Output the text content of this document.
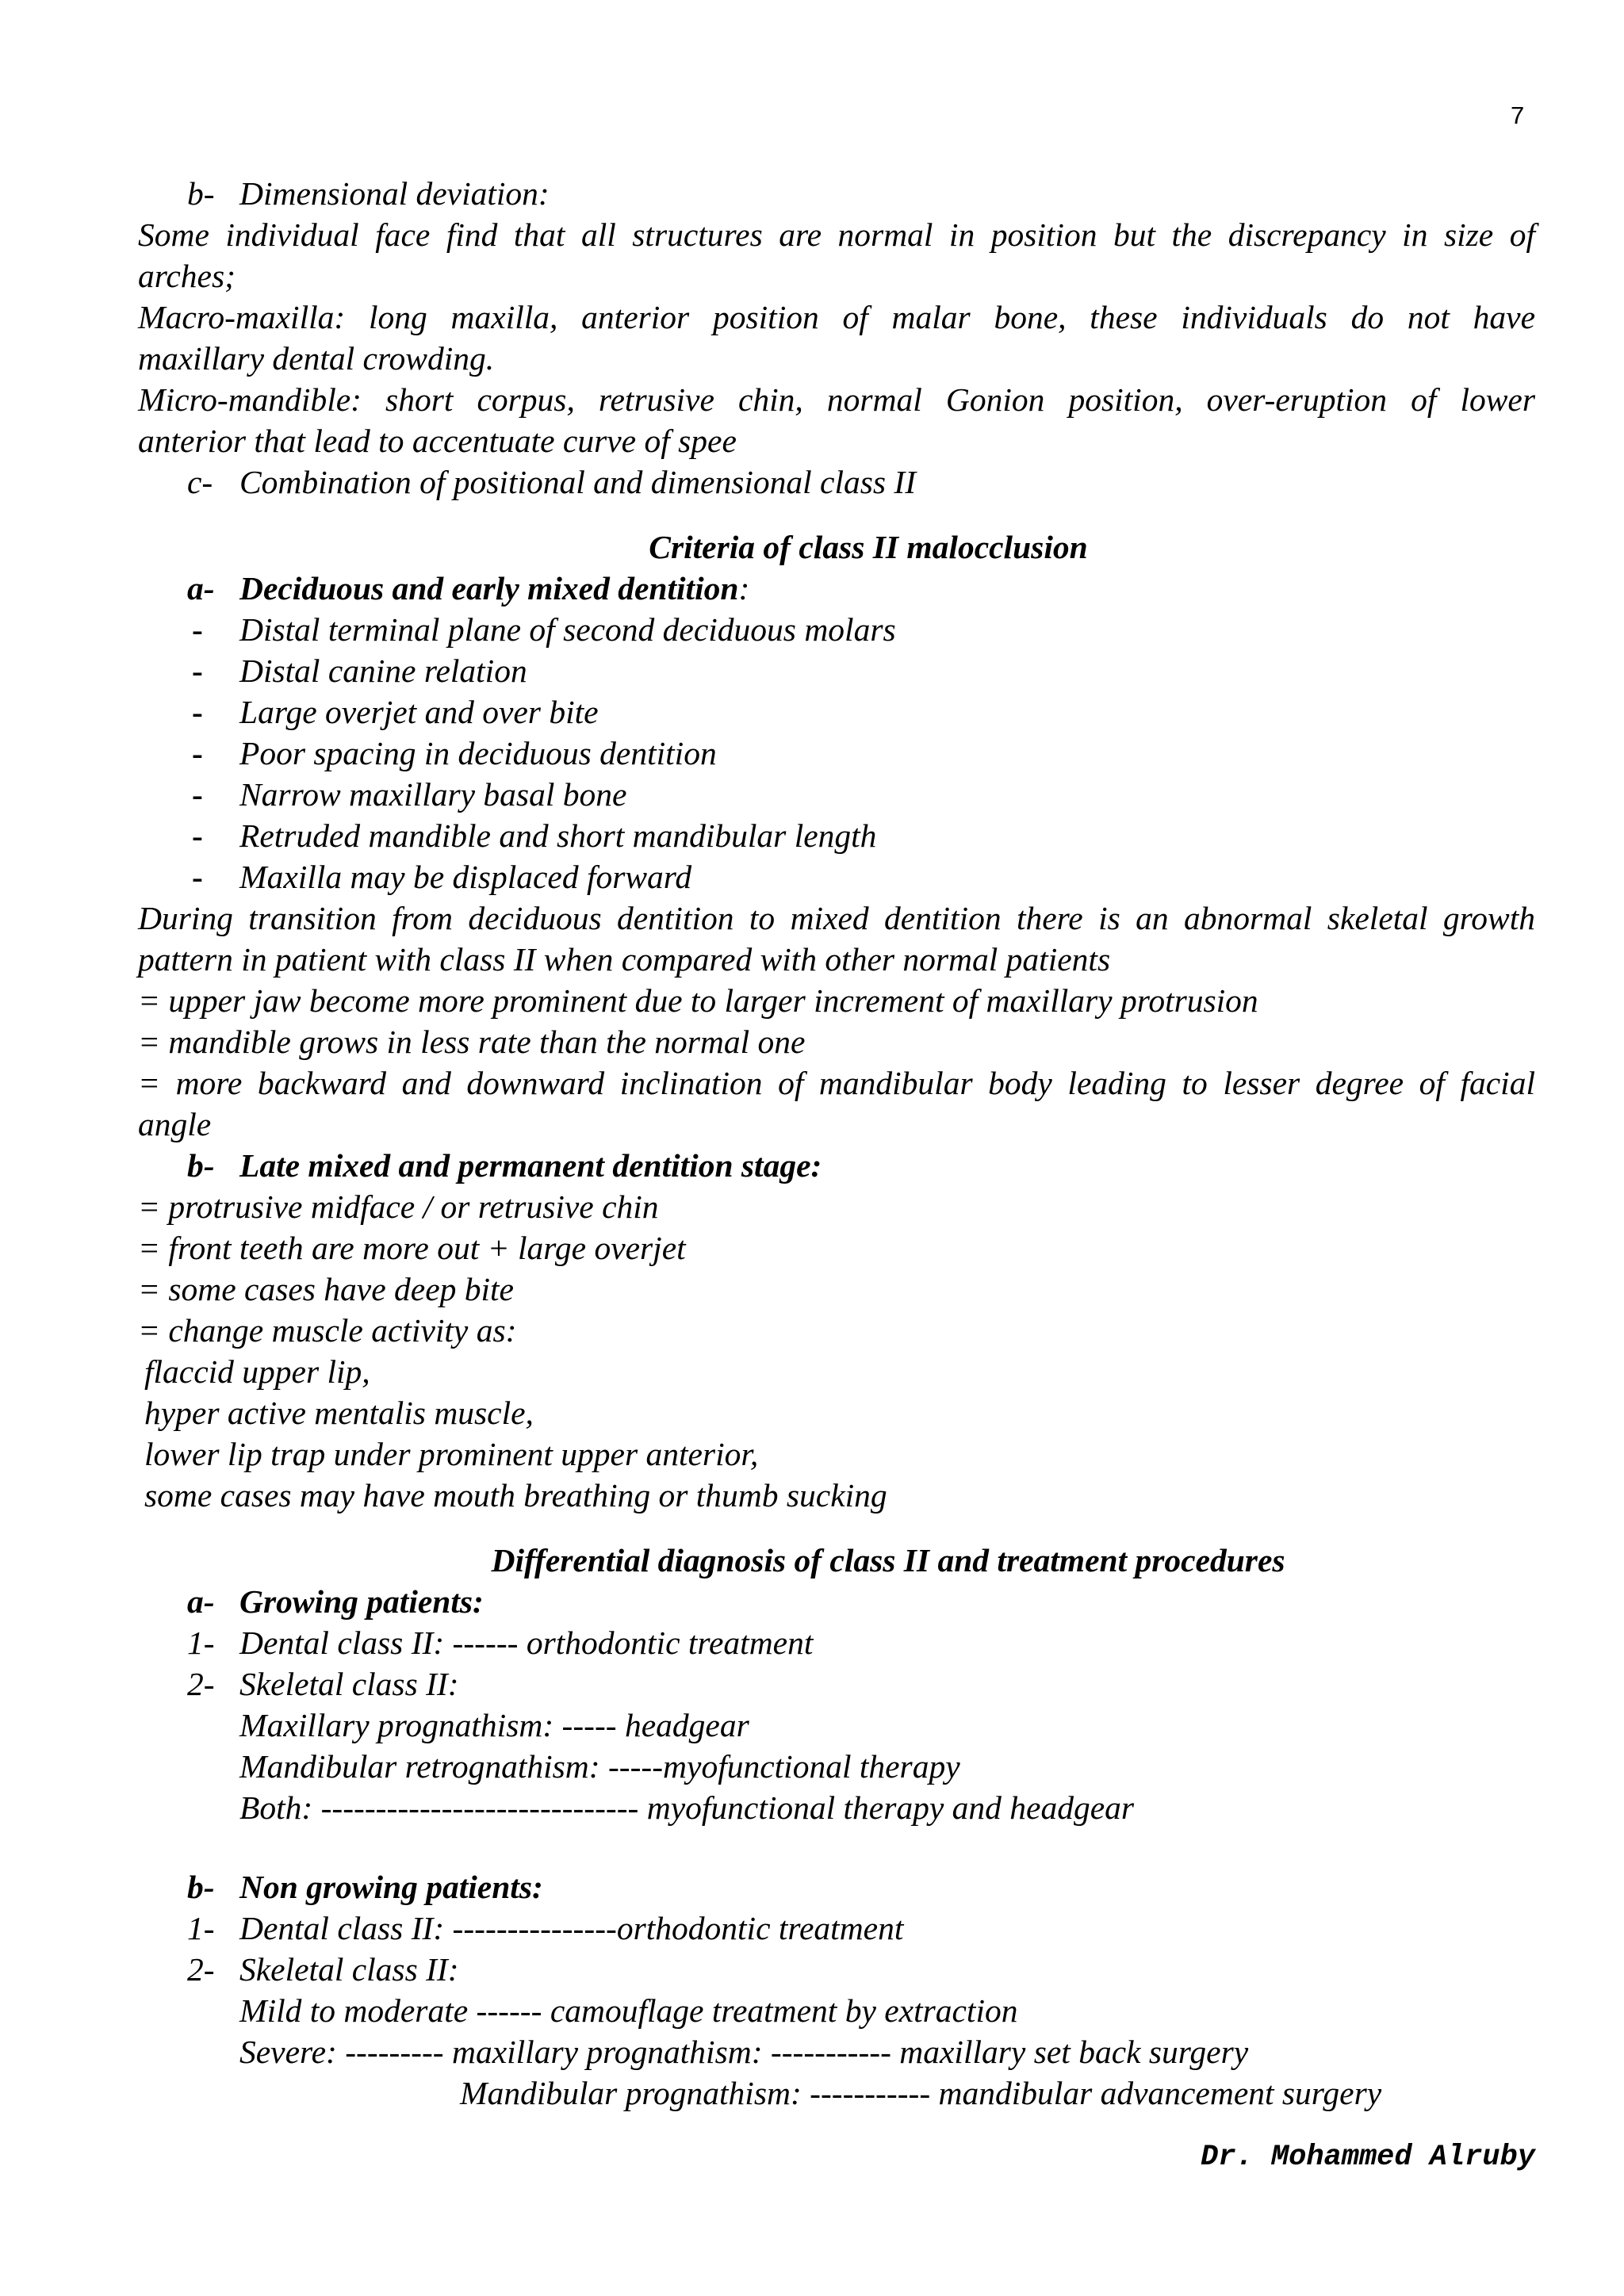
7
b- Dimensional deviation:
Some individual face find that all structures are normal in position but the discrepancy in size of
arches;
Macro-maxilla: long maxilla, anterior position of malar bone, these individuals do not have
maxillary dental crowding.
Micro-mandible: short corpus, retrusive chin, normal Gonion position, over-eruption of lower
anterior that lead to accentuate curve of spee
c- Combination of positional and dimensional class II
Criteria of class II malocclusion
a- Deciduous and early mixed dentition:
-	Distal terminal plane of second deciduous molars
-	Distal canine relation
-	Large overjet and over bite
-	Poor spacing in deciduous dentition
-	Narrow maxillary basal bone
-	Retruded mandible and short mandibular length
-	Maxilla may be displaced forward
During transition from deciduous dentition to mixed dentition there is an abnormal skeletal growth
pattern in patient with class II when compared with other normal patients
= upper jaw become more prominent due to larger increment of maxillary protrusion
= mandible grows in less rate than the normal one
= more backward and downward inclination of mandibular body leading to lesser degree of facial
angle
b- Late mixed and permanent dentition stage:
= protrusive midface / or retrusive chin
= front teeth are more out + large overjet
= some cases have deep bite
= change muscle activity as:
flaccid upper lip,
hyper active mentalis muscle,
lower lip trap under prominent upper anterior,
some cases may have mouth breathing or thumb sucking
Differential diagnosis of class II and treatment procedures
a- Growing patients:
1- Dental class II: ------ orthodontic treatment
2- Skeletal class II:
Maxillary prognathism: ----- headgear
Mandibular retrognathism: -----myofunctional therapy
Both: ----------------------------- myofunctional therapy and headgear
b- Non growing patients:
1- Dental class II: ---------------orthodontic treatment
2- Skeletal class II:
Mild to moderate ------ camouflage treatment by extraction
Severe: --------- maxillary prognathism: ----------- maxillary set back surgery
Mandibular prognathism: ----------- mandibular advancement surgery
Dr. Mohammed Alruby
